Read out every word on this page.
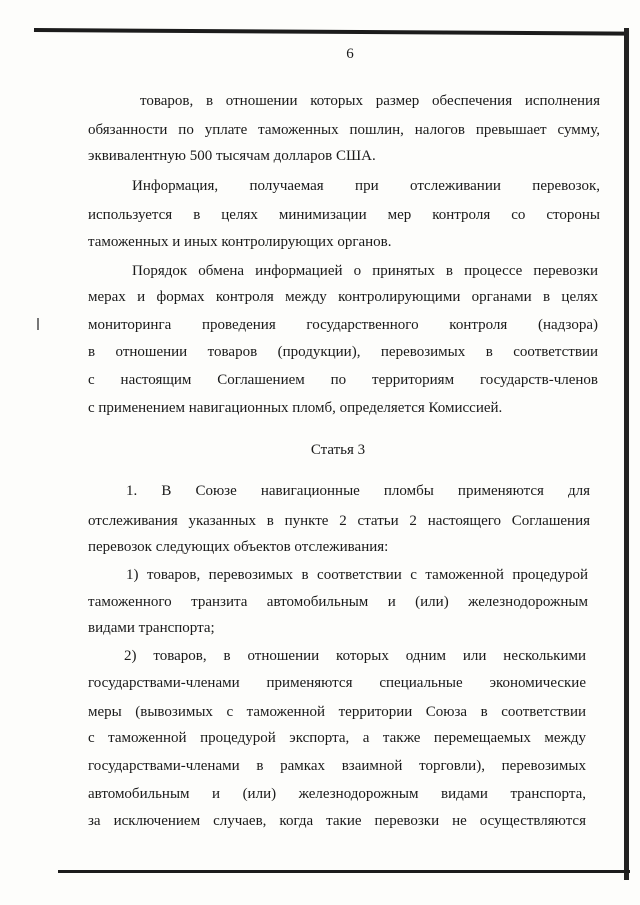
6
товаров, в отношении которых размер обеспечения исполнения
обязанности по уплате таможенных пошлин, налогов превышает сумму,
эквивалентную 500 тысячам долларов США.
Информация, получаемая при отслеживании перевозок,
используется в целях минимизации мер контроля со стороны
таможенных и иных контролирующих органов.
Порядок обмена информацией о принятых в процессе перевозки
мерах и формах контроля между контролирующими органами в целях
мониторинга проведения государственного контроля (надзора)
в отношении товаров (продукции), перевозимых в соответствии
с настоящим Соглашением по территориям государств-членов
с применением навигационных пломб, определяется Комиссией.
Статья 3
1. В Союзе навигационные пломбы применяются для
отслеживания указанных в пункте 2 статьи 2 настоящего Соглашения
перевозок следующих объектов отслеживания:
1) товаров, перевозимых в соответствии с таможенной процедурой
таможенного транзита автомобильным и (или) железнодорожным
видами транспорта;
2) товаров, в отношении которых одним или несколькими
государствами-членами применяются специальные экономические
меры (вывозимых с таможенной территории Союза в соответствии
с таможенной процедурой экспорта, а также перемещаемых между
государствами-членами в рамках взаимной торговли), перевозимых
автомобильным и (или) железнодорожным видами транспорта,
за исключением случаев, когда такие перевозки не осуществляются
